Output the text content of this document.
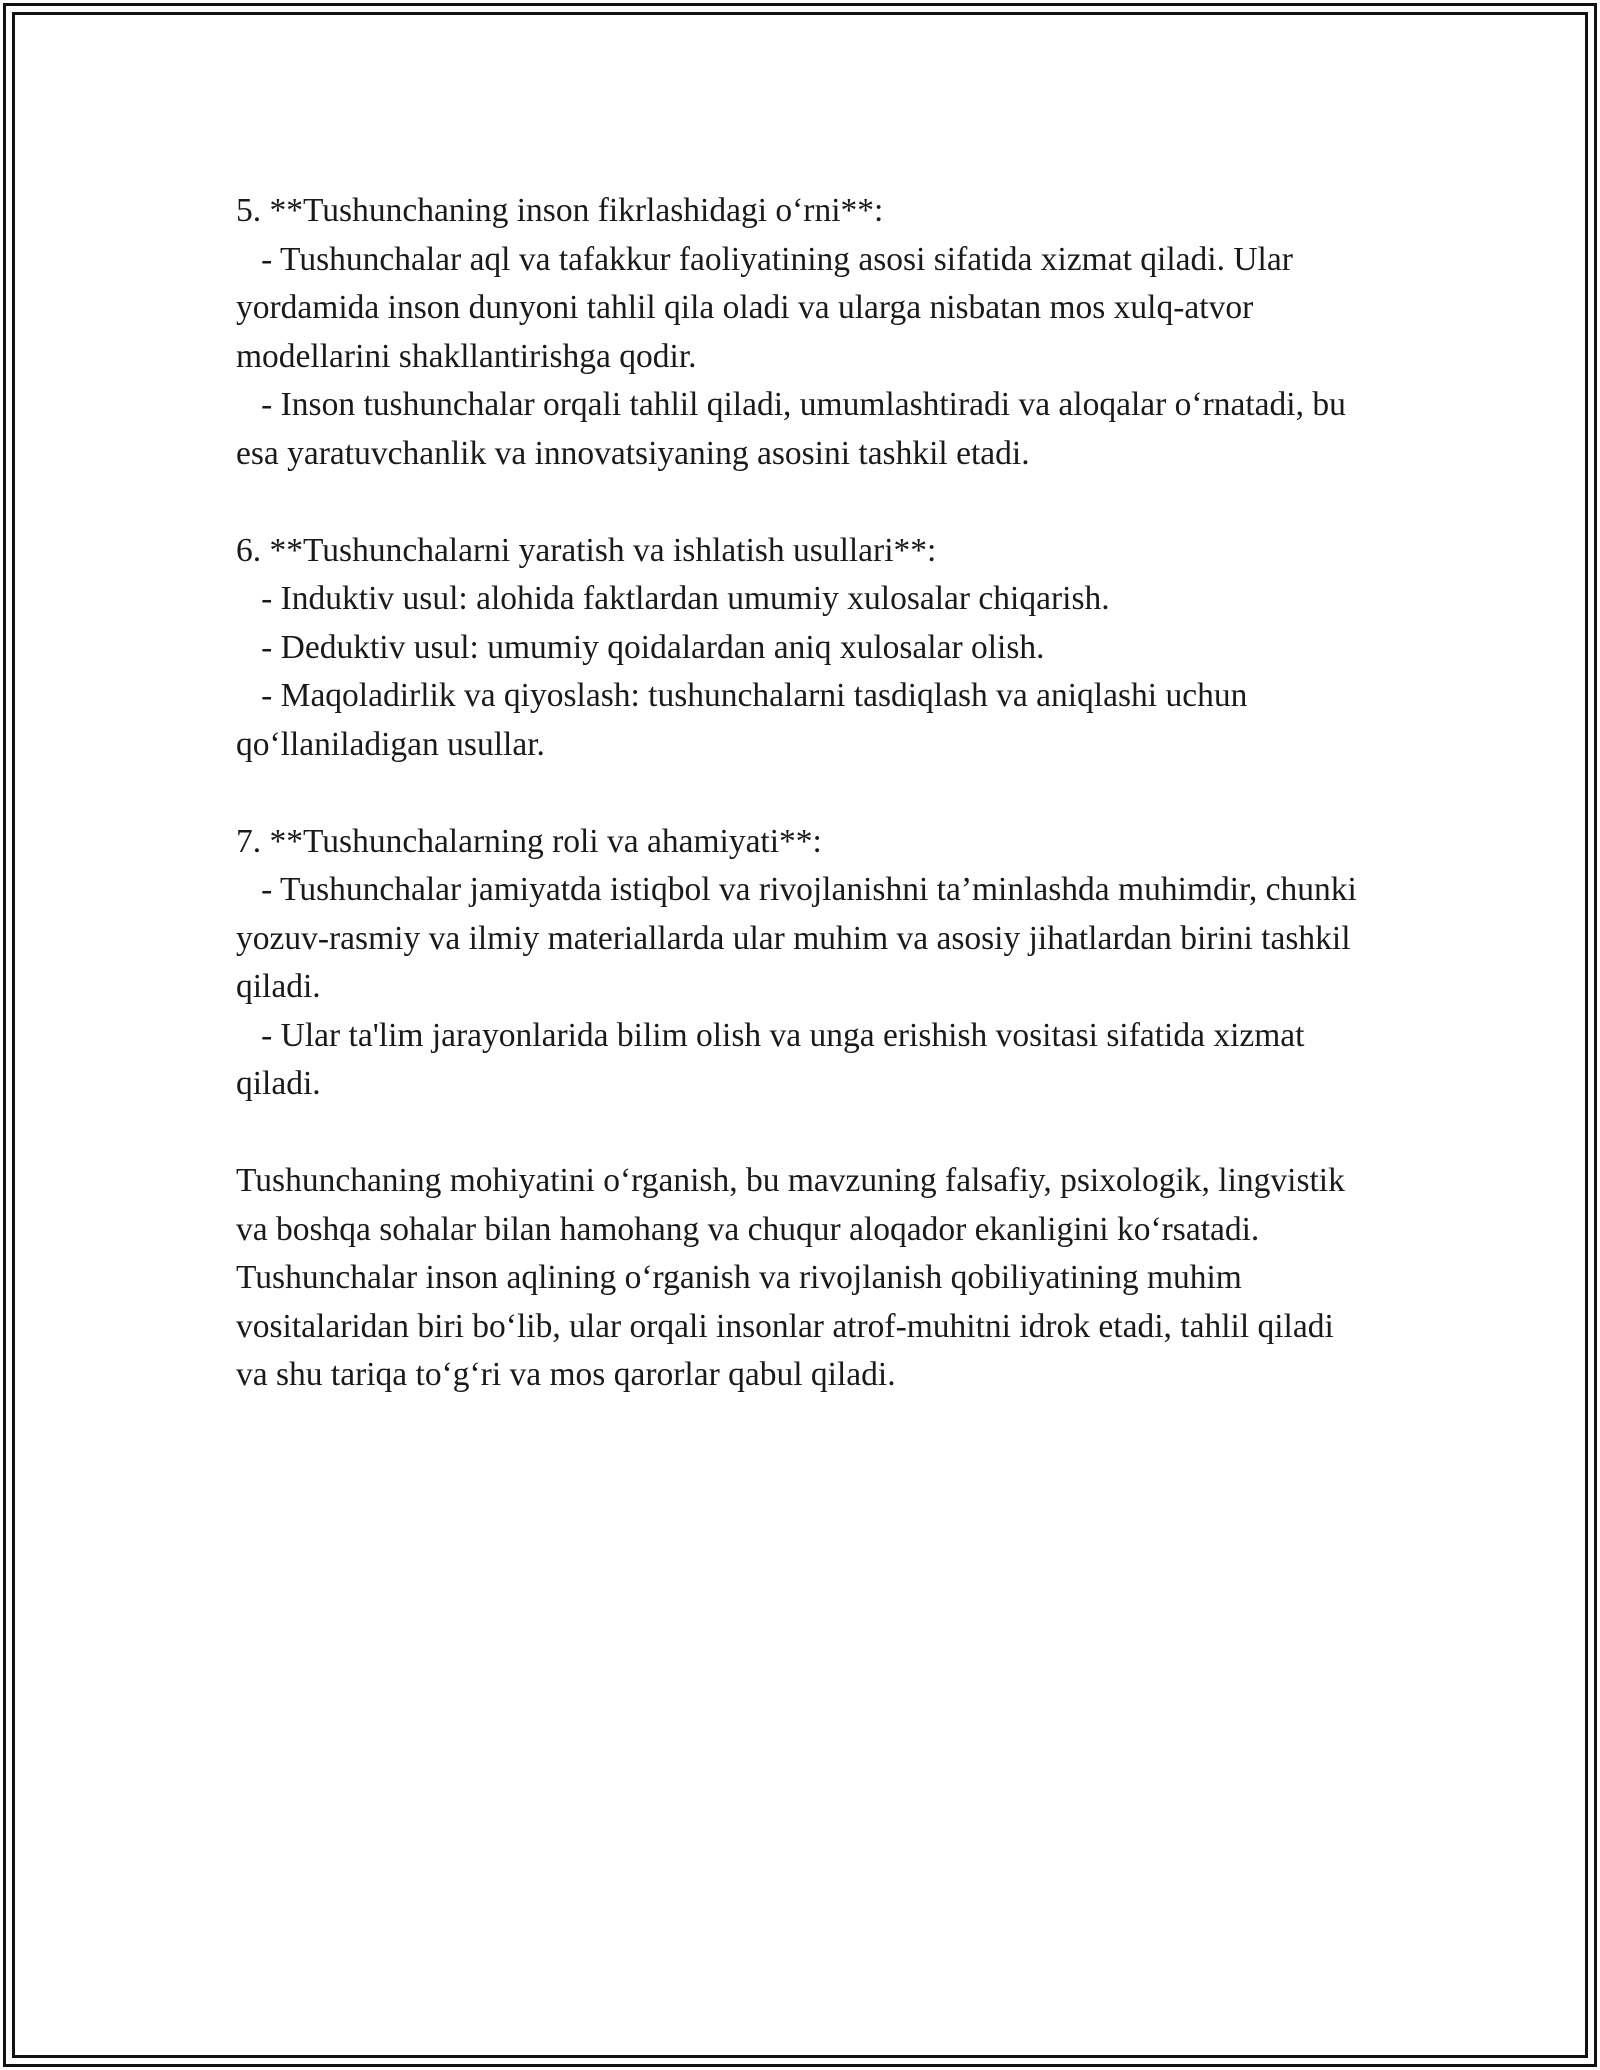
5. **Tushunchaning inson fikrlashidagi o‘rni**:

- Tushunchalar aql va tafakkur faoliyatining asosi sifatida xizmat qiladi. Ular yordamida inson dunyoni tahlil qila oladi va ularga nisbatan mos xulq-atvor modellarini shakllantirishga qodir.

- Inson tushunchalar orqali tahlil qiladi, umumlashtiradi va aloqalar o‘rnatadi, bu esa yaratuvchanlik va innovatsiyaning asosini tashkil etadi.

6. **Tushunchalarni yaratish va ishlatish usullari**:

- Induktiv usul: alohida faktlardan umumiy xulosalar chiqarish.

- Deduktiv usul: umumiy qoidalardan aniq xulosalar olish.

- Maqoladirlik va qiyoslash: tushunchalarni tasdiqlash va aniqlashi uchun qo‘llaniladigan usullar.

7. **Tushunchalarning roli va ahamiyati**:

- Tushunchalar jamiyatda istiqbol va rivojlanishni ta’minlashda muhimdir, chunki yozuv-rasmiy va ilmiy materiallarda ular muhim va asosiy jihatlardan birini tashkil qiladi.

- Ular ta'lim jarayonlarida bilim olish va unga erishish vositasi sifatida xizmat qiladi.

Tushunchaning mohiyatini o‘rganish, bu mavzuning falsafiy, psixologik, lingvistik va boshqa sohalar bilan hamohang va chuqur aloqador ekanligini ko‘rsatadi. Tushunchalar inson aqlining o‘rganish va rivojlanish qobiliyatining muhim vositalaridan biri bo‘lib, ular orqali insonlar atrof-muhitni idrok etadi, tahlil qiladi va shu tariqa to‘g‘ri va mos qarorlar qabul qiladi.
